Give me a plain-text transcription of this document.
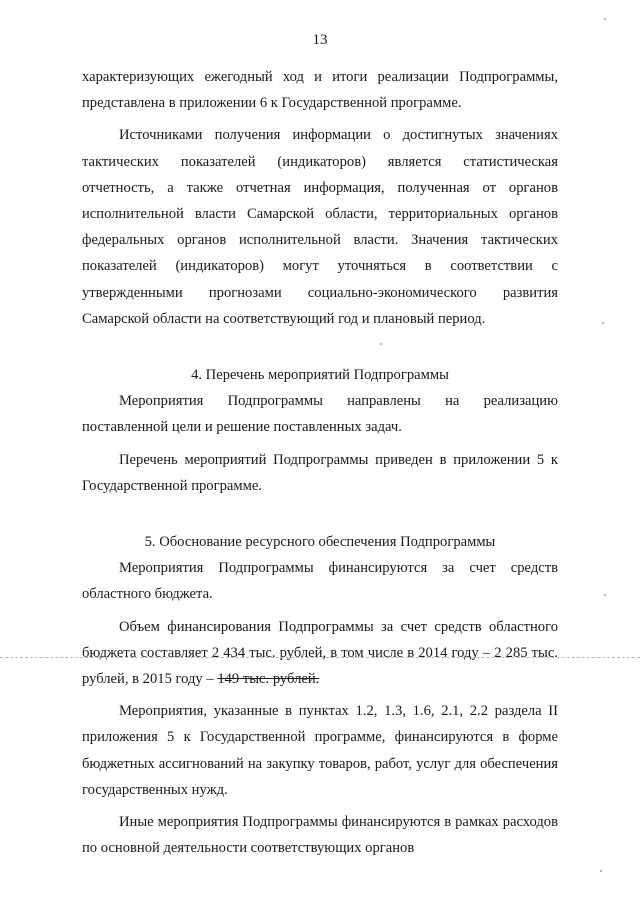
13

характеризующих ежегодный ход и итоги реализации Подпрограммы, представлена в приложении 6 к Государственной программе.

Источниками получения информации о достигнутых значениях тактических показателей (индикаторов) является статистическая отчетность, а также отчетная информация, полученная от органов исполнительной власти Самарской области, территориальных органов федеральных органов исполнительной власти. Значения тактических показателей (индикаторов) могут уточняться в соответствии с утвержденными прогнозами социально-экономического развития Самарской области на соответствующий год и плановый период.

4. Перечень мероприятий Подпрограммы

Мероприятия Подпрограммы направлены на реализацию поставленной цели и решение поставленных задач.

Перечень мероприятий Подпрограммы приведен в приложении 5 к Государственной программе.

5. Обоснование ресурсного обеспечения Подпрограммы

Мероприятия Подпрограммы финансируются за счет средств областного бюджета.

Объем финансирования Подпрограммы за счет средств областного бюджета составляет 2 434 тыс. рублей, в том числе в 2014 году – 2 285 тыс. рублей, в 2015 году – 149 тыс. рублей.

Мероприятия, указанные в пунктах 1.2, 1.3, 1.6, 2.1, 2.2 раздела II приложения 5 к Государственной программе, финансируются в форме бюджетных ассигнований на закупку товаров, работ, услуг для обеспечения государственных нужд.

Иные мероприятия Подпрограммы финансируются в рамках расходов по основной деятельности соответствующих органов
